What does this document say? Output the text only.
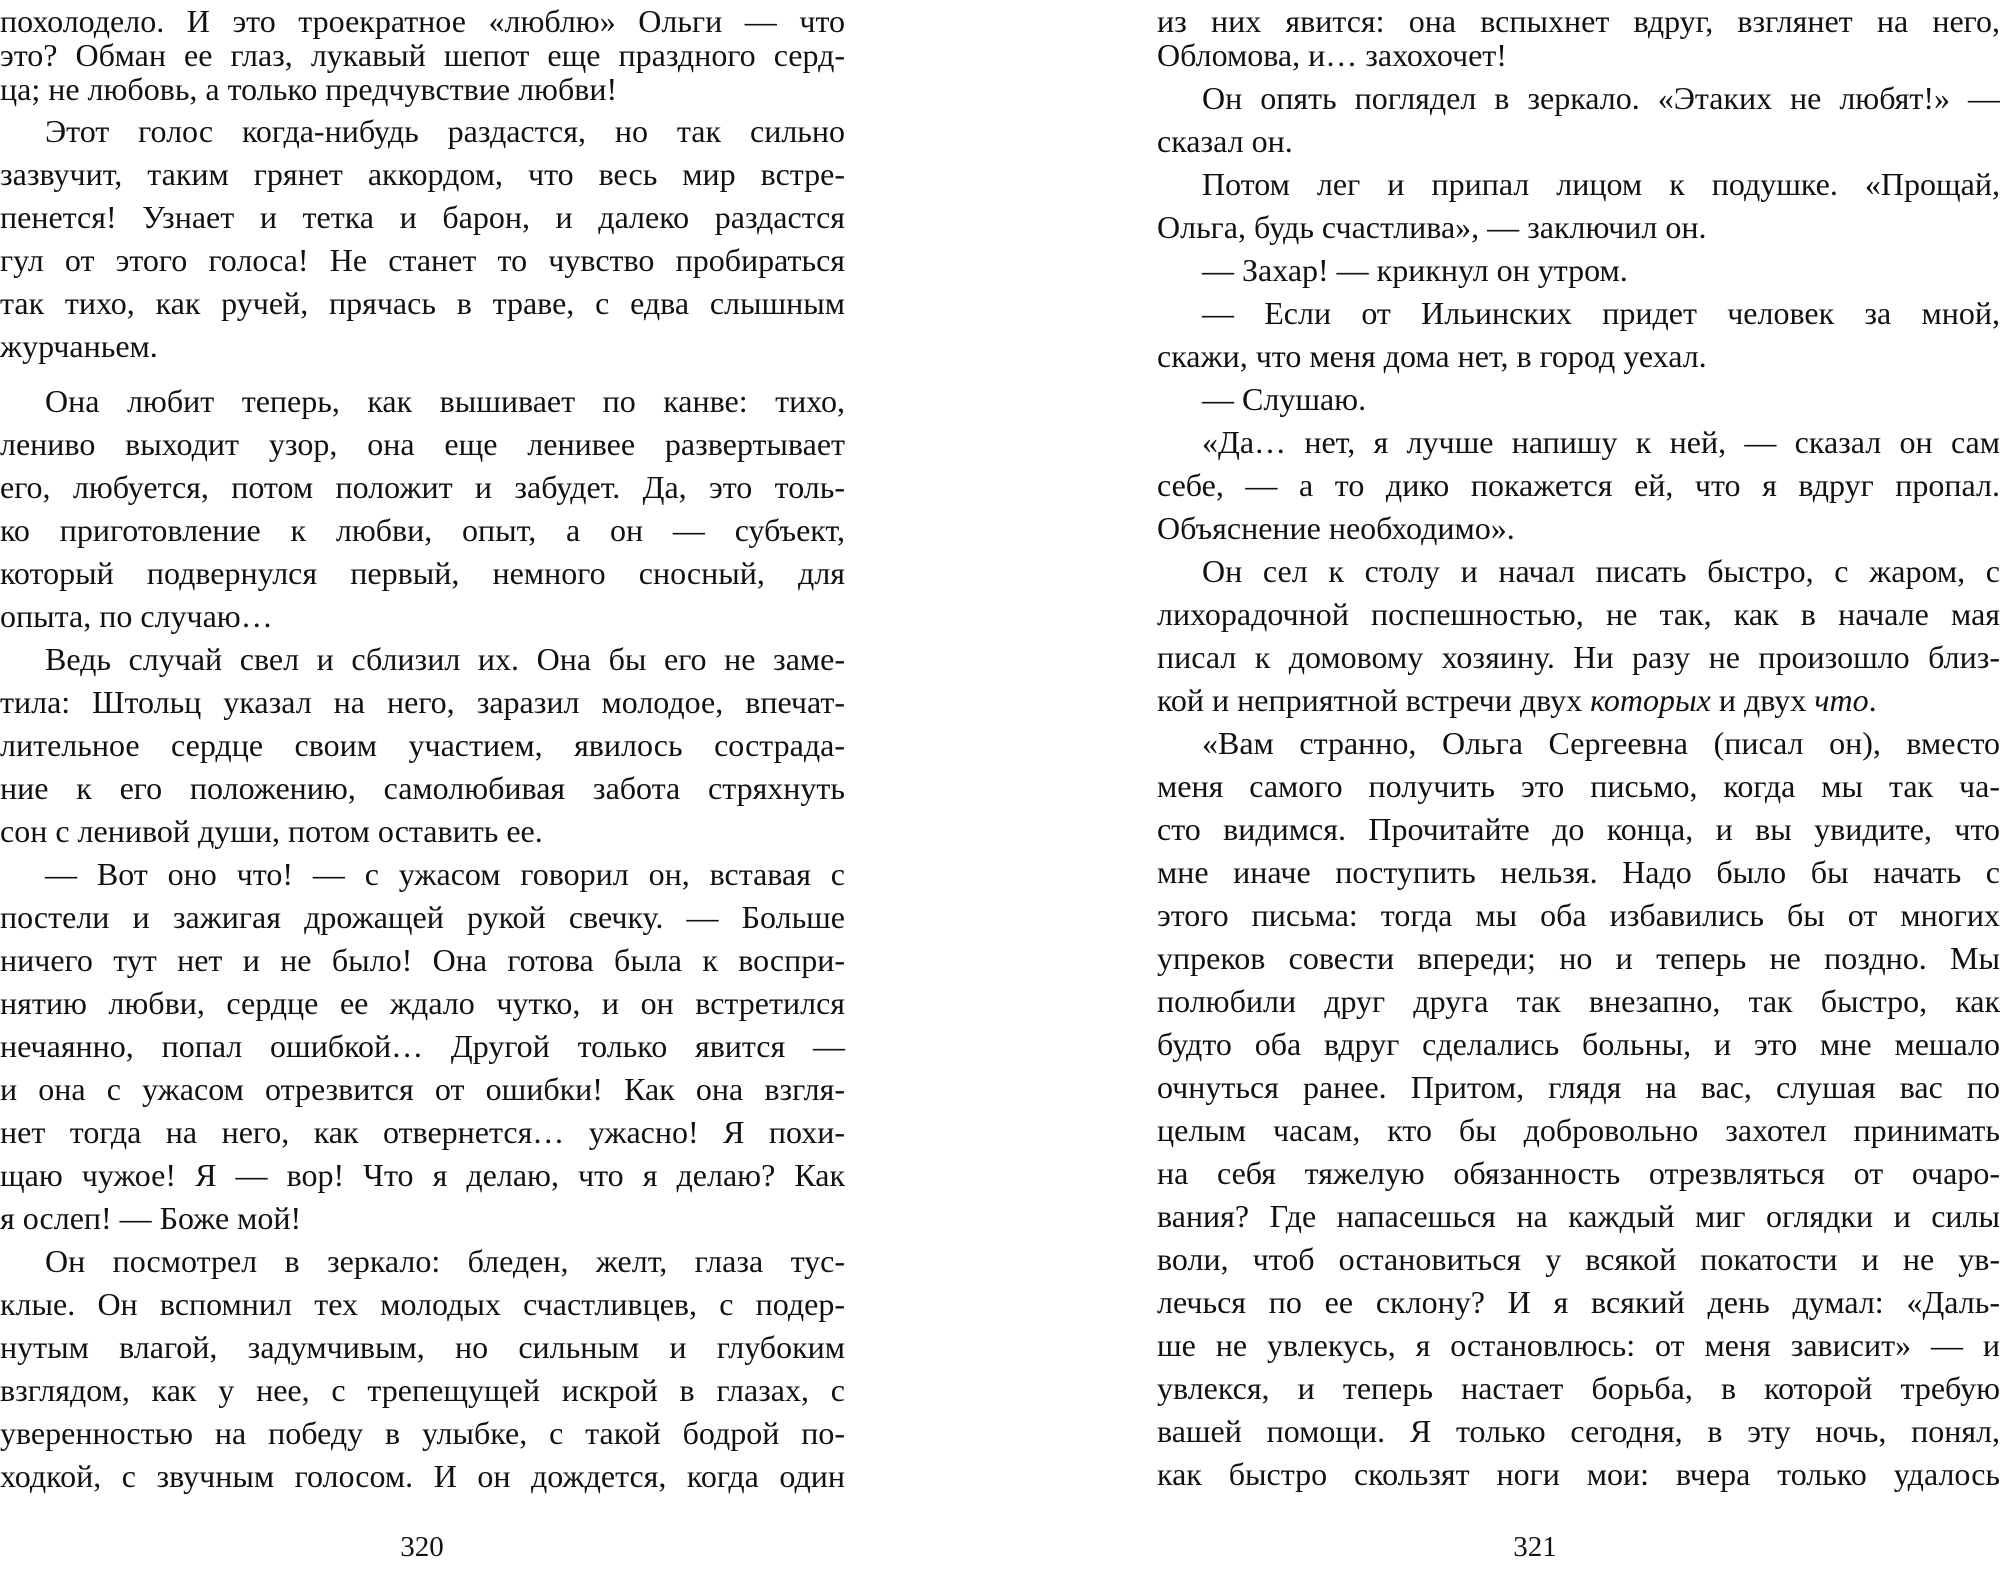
похолодело. И это троекратное «люблю» Ольги — что
это? Обман ее глаз, лукавый шепот еще праздного серд-
ца; не любовь, а только предчувствие любви!
Этот голос когда-нибудь раздастся, но так сильно
зазвучит, таким грянет аккордом, что весь мир встре-
пенется! Узнает и тетка и барон, и далеко раздастся
гул от этого голоса! Не станет то чувство пробираться
так тихо, как ручей, прячась в траве, с едва слышным
журчаньем.
Она любит теперь, как вышивает по канве: тихо,
лениво выходит узор, она еще ленивее развертывает
его, любуется, потом положит и забудет. Да, это толь-
ко приготовление к любви, опыт, а он — субъект,
который подвернулся первый, немного сносный, для
опыта, по случаю…
Ведь случай свел и сблизил их. Она бы его не заме-
тила: Штольц указал на него, заразил молодое, впечат-
лительное сердце своим участием, явилось сострада-
ние к его положению, самолюбивая забота стряхнуть
сон с ленивой души, потом оставить ее.
— Вот оно что! — с ужасом говорил он, вставая с
постели и зажигая дрожащей рукой свечку. — Больше
ничего тут нет и не было! Она готова была к воспри-
нятию любви, сердце ее ждало чутко, и он встретился
нечаянно, попал ошибкой… Другой только явится —
и она с ужасом отрезвится от ошибки! Как она взгля-
нет тогда на него, как отвернется… ужасно! Я похи-
щаю чужое! Я — вор! Что я делаю, что я делаю? Как
я ослеп! — Боже мой!
Он посмотрел в зеркало: бледен, желт, глаза тус-
клые. Он вспомнил тех молодых счастливцев, с подер-
нутым влагой, задумчивым, но сильным и глубоким
взглядом, как у нее, с трепещущей искрой в глазах, с
уверенностью на победу в улыбке, с такой бодрой по-
ходкой, с звучным голосом. И он дождется, когда один
320
из них явится: она вспыхнет вдруг, взглянет на него,
Обломова, и… захохочет!
Он опять поглядел в зеркало. «Этаких не любят!» —
сказал он.
Потом лег и припал лицом к подушке. «Прощай,
Ольга, будь счастлива», — заключил он.
— Захар! — крикнул он утром.
— Если от Ильинских придет человек за мной,
скажи, что меня дома нет, в город уехал.
— Слушаю.
«Да… нет, я лучше напишу к ней, — сказал он сам
себе, — а то дико покажется ей, что я вдруг пропал.
Объяснение необходимо».
Он сел к столу и начал писать быстро, с жаром, с
лихорадочной поспешностью, не так, как в начале мая
писал к домовому хозяину. Ни разу не произошло близ-
кой и неприятной встречи двух которых и двух что.
«Вам странно, Ольга Сергеевна (писал он), вместо
меня самого получить это письмо, когда мы так ча-
сто видимся. Прочитайте до конца, и вы увидите, что
мне иначе поступить нельзя. Надо было бы начать с
этого письма: тогда мы оба избавились бы от многих
упреков совести впереди; но и теперь не поздно. Мы
полюбили друг друга так внезапно, так быстро, как
будто оба вдруг сделались больны, и это мне мешало
очнуться ранее. Притом, глядя на вас, слушая вас по
целым часам, кто бы добровольно захотел принимать
на себя тяжелую обязанность отрезвляться от очаро-
вания? Где напасешься на каждый миг оглядки и силы
воли, чтоб остановиться у всякой покатости и не ув-
лечься по ее склону? И я всякий день думал: «Даль-
ше не увлекусь, я остановлюсь: от меня зависит» — и
увлекся, и теперь настает борьба, в которой требую
вашей помощи. Я только сегодня, в эту ночь, понял,
как быстро скользят ноги мои: вчера только удалось
321
